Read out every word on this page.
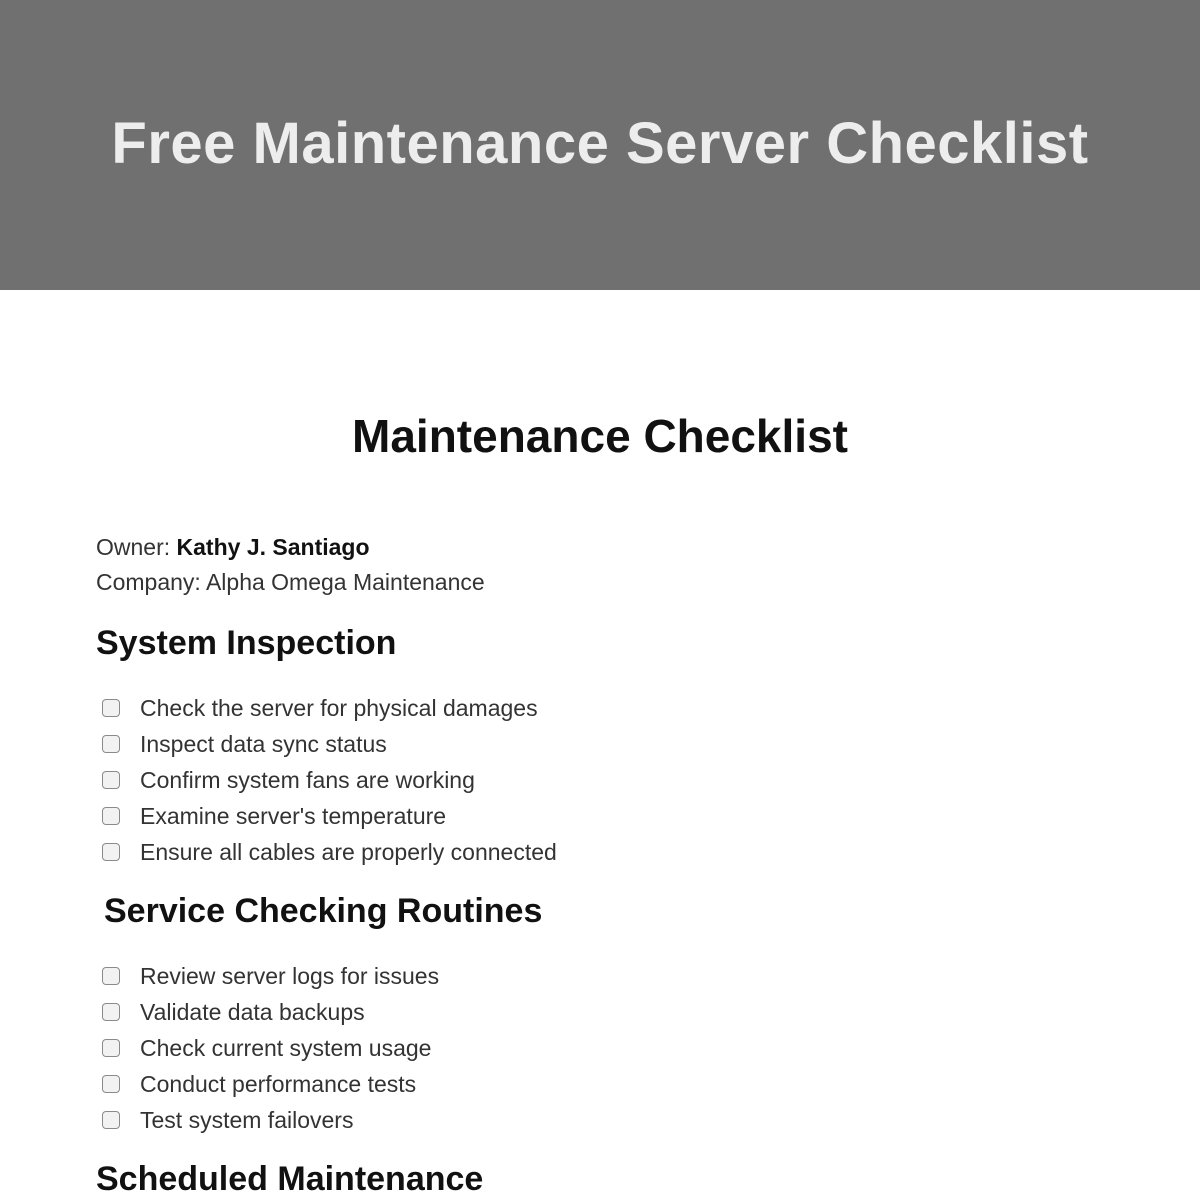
Free Maintenance Server Checklist
Maintenance Checklist
Owner: Kathy J. Santiago
Company: Alpha Omega Maintenance
System Inspection
Check the server for physical damages
Inspect data sync status
Confirm system fans are working
Examine server's temperature
Ensure all cables are properly connected
Service Checking Routines
Review server logs for issues
Validate data backups
Check current system usage
Conduct performance tests
Test system failovers
Scheduled Maintenance
